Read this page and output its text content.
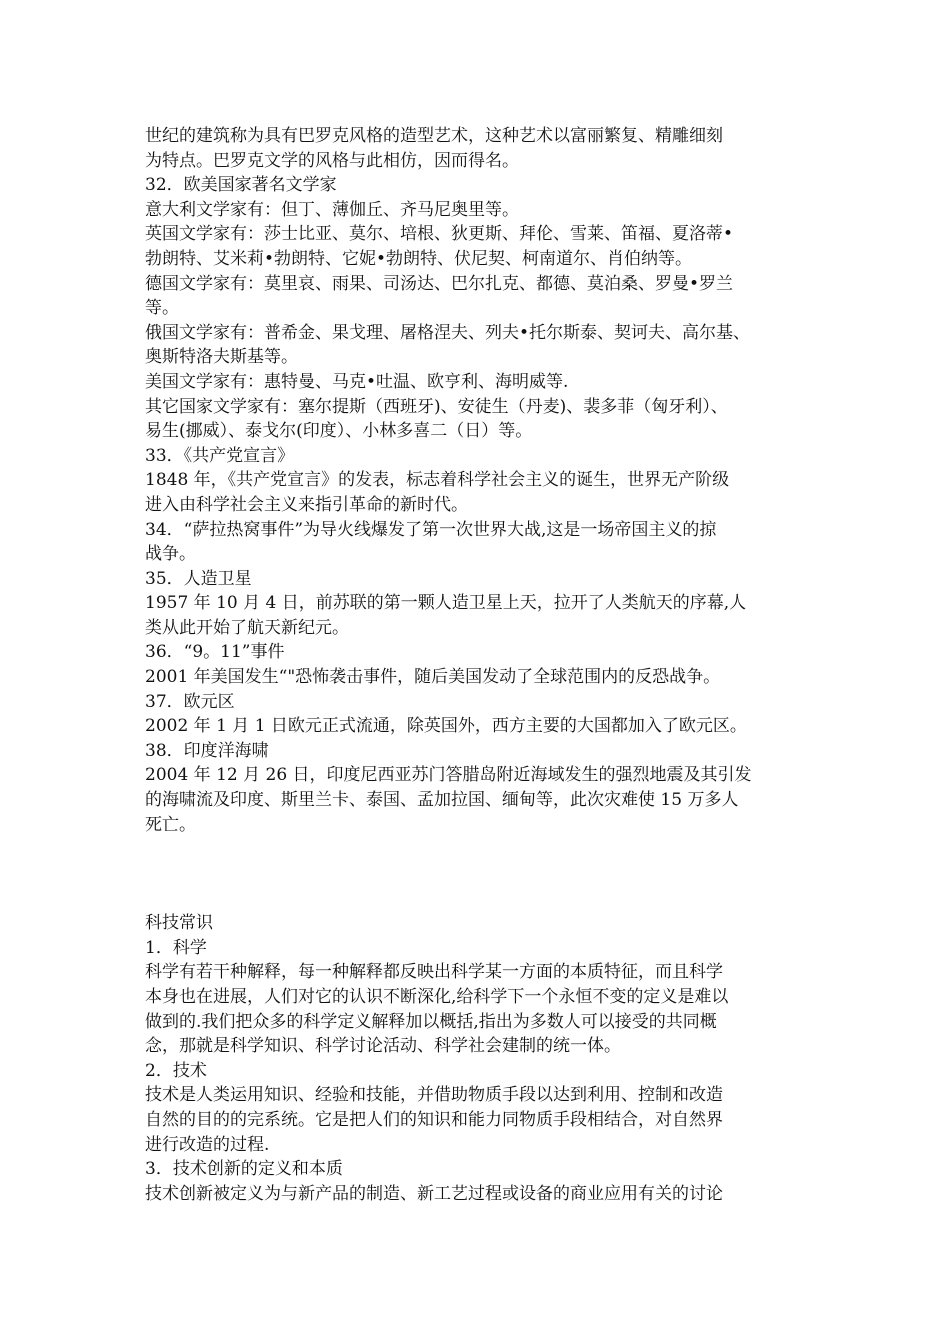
世纪的建筑称为具有巴罗克风格的造型艺术，这种艺术以富丽繁复、精雕细刻
为特点。巴罗克文学的风格与此相仿，因而得名。
32．欧美国家著名文学家
意大利文学家有：但丁、薄伽丘、齐马尼奥里等。
英国文学家有：莎士比亚、莫尔、培根、狄更斯、拜伦、雪莱、笛福、夏洛蒂•
勃朗特、艾米莉•勃朗特、它妮•勃朗特、伏尼契、柯南道尔、肖伯纳等。
德国文学家有：莫里哀、雨果、司汤达、巴尔扎克、都德、莫泊桑、罗曼•罗兰
等。
俄国文学家有：普希金、果戈理、屠格涅夫、列夫•托尔斯泰、契诃夫、高尔基、
奥斯特洛夫斯基等。
美国文学家有：惠特曼、马克•吐温、欧亨利、海明威等.
其它国家文学家有：塞尔提斯（西班牙)、安徒生（丹麦)、裴多菲（匈牙利）、
易生(挪威）、泰戈尔(印度）、小林多喜二（日）等。
33．《共产党宣言》
1848 年，《共产党宣言》的发表，标志着科学社会主义的诞生，世界无产阶级
进入由科学社会主义来指引革命的新时代。
34．“萨拉热窝事件”为导火线爆发了第一次世界大战,这是一场帝国主义的掠
战争。
35．人造卫星
1957 年 10 月 4 日，前苏联的第一颗人造卫星上天，拉开了人类航天的序幕,人
类从此开始了航天新纪元。
36．“9。11”事件
2001 年美国发生“"恐怖袭击事件，随后美国发动了全球范围内的反恐战争。
37．欧元区
2002 年 1 月 1 日欧元正式流通，除英国外，西方主要的大国都加入了欧元区。
38．印度洋海啸
2004 年 12 月 26 日，印度尼西亚苏门答腊岛附近海域发生的强烈地震及其引发
的海啸流及印度、斯里兰卡、泰国、孟加拉国、缅甸等，此次灾难使 15 万多人
死亡。
科技常识
1．科学
科学有若干种解释，每一种解释都反映出科学某一方面的本质特征，而且科学
本身也在进展，人们对它的认识不断深化,给科学下一个永恒不变的定义是难以
做到的.我们把众多的科学定义解释加以概括,指出为多数人可以接受的共同概
念，那就是科学知识、科学讨论活动、科学社会建制的统一体。
2．技术
技术是人类运用知识、经验和技能，并借助物质手段以达到利用、控制和改造
自然的目的的完系统。它是把人们的知识和能力同物质手段相结合，对自然界
进行改造的过程.
3．技术创新的定义和本质
技术创新被定义为与新产品的制造、新工艺过程或设备的商业应用有关的讨论
